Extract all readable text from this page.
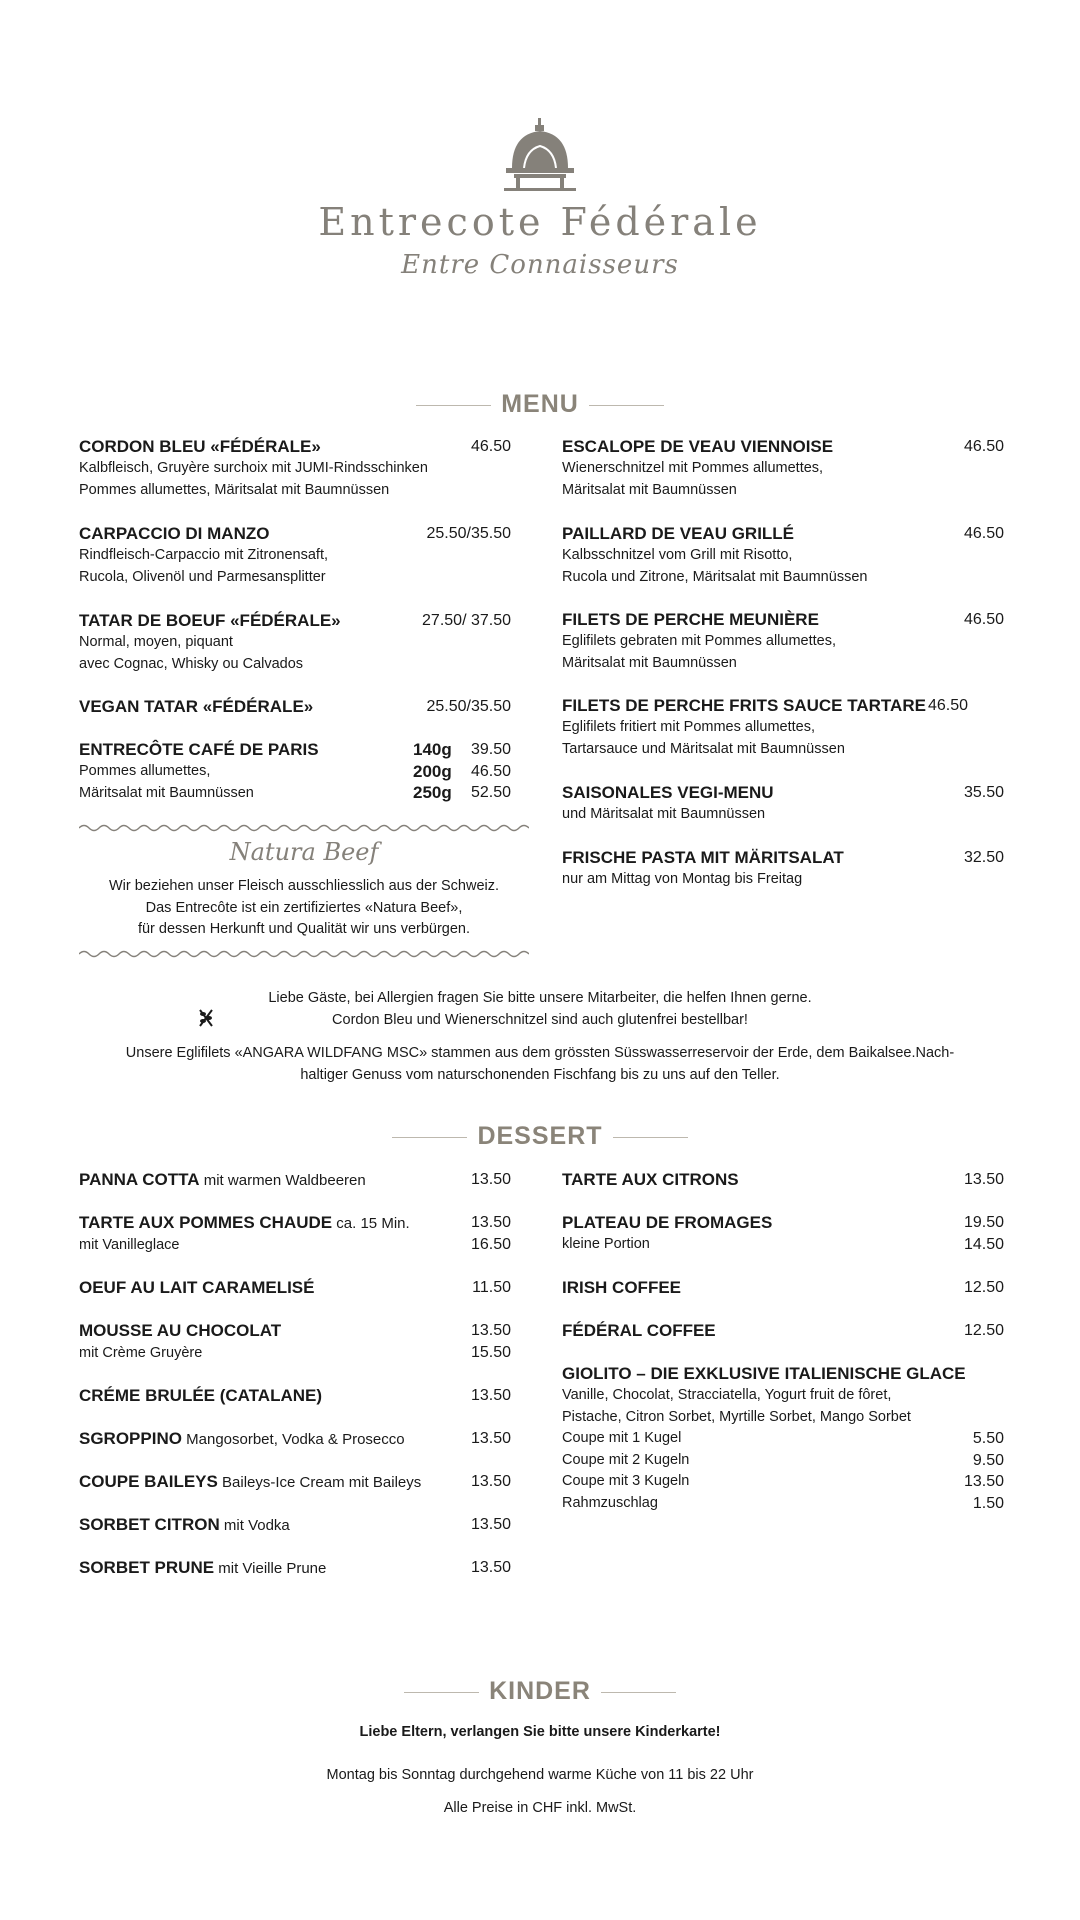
Entrecote Fédérale
Entre Connaisseurs
MENU
CORDON BLEU «FÉDÉRALE»	46.50
Kalbfleisch, Gruyère surchoix mit JUMI-Rindsschinken
Pommes allumettes, Märitsalat mit Baumnüssen
CARPACCIO DI MANZO	25.50/35.50
Rindfleisch-Carpaccio mit Zitronensaft,
Rucola, Olivenöl und Parmesansplitter
TATAR DE BOEUF «FÉDÉRALE»	27.50/ 37.50
Normal, moyen, piquant
avec Cognac, Whisky ou Calvados
VEGAN TATAR «FÉDÉRALE»	25.50/35.50
ENTRECÔTE CAFÉ DE PARIS
Pommes allumettes,
Märitsalat mit Baumnüssen
140g 39.50
200g 46.50
250g 52.50
Natura Beef
Wir beziehen unser Fleisch ausschliesslich aus der Schweiz.
Das Entrecôte ist ein zertifiziertes «Natura Beef»,
für dessen Herkunft und Qualität wir uns verbürgen.
ESCALOPE DE VEAU VIENNOISE	46.50
Wienerschnitzel mit Pommes allumettes,
Märitsalat mit Baumnüssen
PAILLARD DE VEAU GRILLÉ	46.50
Kalbsschnitzel vom Grill mit Risotto,
Rucola und Zitrone, Märitsalat mit Baumnüssen
FILETS DE PERCHE MEUNIÈRE	46.50
Eglifilets gebraten mit Pommes allumettes,
Märitsalat mit Baumnüssen
FILETS DE PERCHE FRITS SAUCE TARTARE 46.50
Eglifilets fritiert mit Pommes allumettes,
Tartarsauce und Märitsalat mit Baumnüssen
SAISONALES VEGI-MENU	35.50
und Märitsalat mit Baumnüssen
FRISCHE PASTA MIT MÄRITSALAT	32.50
nur am Mittag von Montag bis Freitag
Liebe Gäste, bei Allergien fragen Sie bitte unsere Mitarbeiter, die helfen Ihnen gerne.
Cordon Bleu und Wienerschnitzel sind auch glutenfrei bestellbar!
Unsere Eglifilets «ANGARA WILDFANG MSC» stammen aus dem grössten Süsswasserreservoir der Erde, dem Baikalsee.Nach-
haltiger Genuss vom naturschonenden Fischfang bis zu uns auf den Teller.
DESSERT
PANNA COTTA mit warmen Waldbeeren	13.50
TARTE AUX POMMES CHAUDE ca. 15 Min.	13.50
mit Vanilleglace	16.50
OEUF AU LAIT CARAMELISÉ	11.50
MOUSSE AU CHOCOLAT	13.50
mit Crème Gruyère	15.50
CRÉME BRULÉE (CATALANE)	13.50
SGROPPINO Mangosorbet, Vodka & Prosecco	13.50
COUPE BAILEYS Baileys-Ice Cream mit Baileys	13.50
SORBET CITRON mit Vodka	13.50
SORBET PRUNE mit Vieille Prune	13.50
TARTE AUX CITRONS	13.50
PLATEAU DE FROMAGES	19.50
kleine Portion	14.50
IRISH COFFEE	12.50
FÉDÉRAL COFFEE	12.50
GIOLITO – DIE EXKLUSIVE ITALIENISCHE GLACE
Vanille, Chocolat, Stracciatella, Yogurt fruit de fôret,
Pistache, Citron Sorbet, Myrtille Sorbet, Mango Sorbet
Coupe mit 1 Kugel	5.50
Coupe mit 2 Kugeln	9.50
Coupe mit 3 Kugeln	13.50
Rahmzuschlag	1.50
KINDER
Liebe Eltern, verlangen Sie bitte unsere Kinderkarte!
Montag bis Sonntag durchgehend warme Küche von 11 bis 22 Uhr
Alle Preise in CHF inkl. MwSt.
